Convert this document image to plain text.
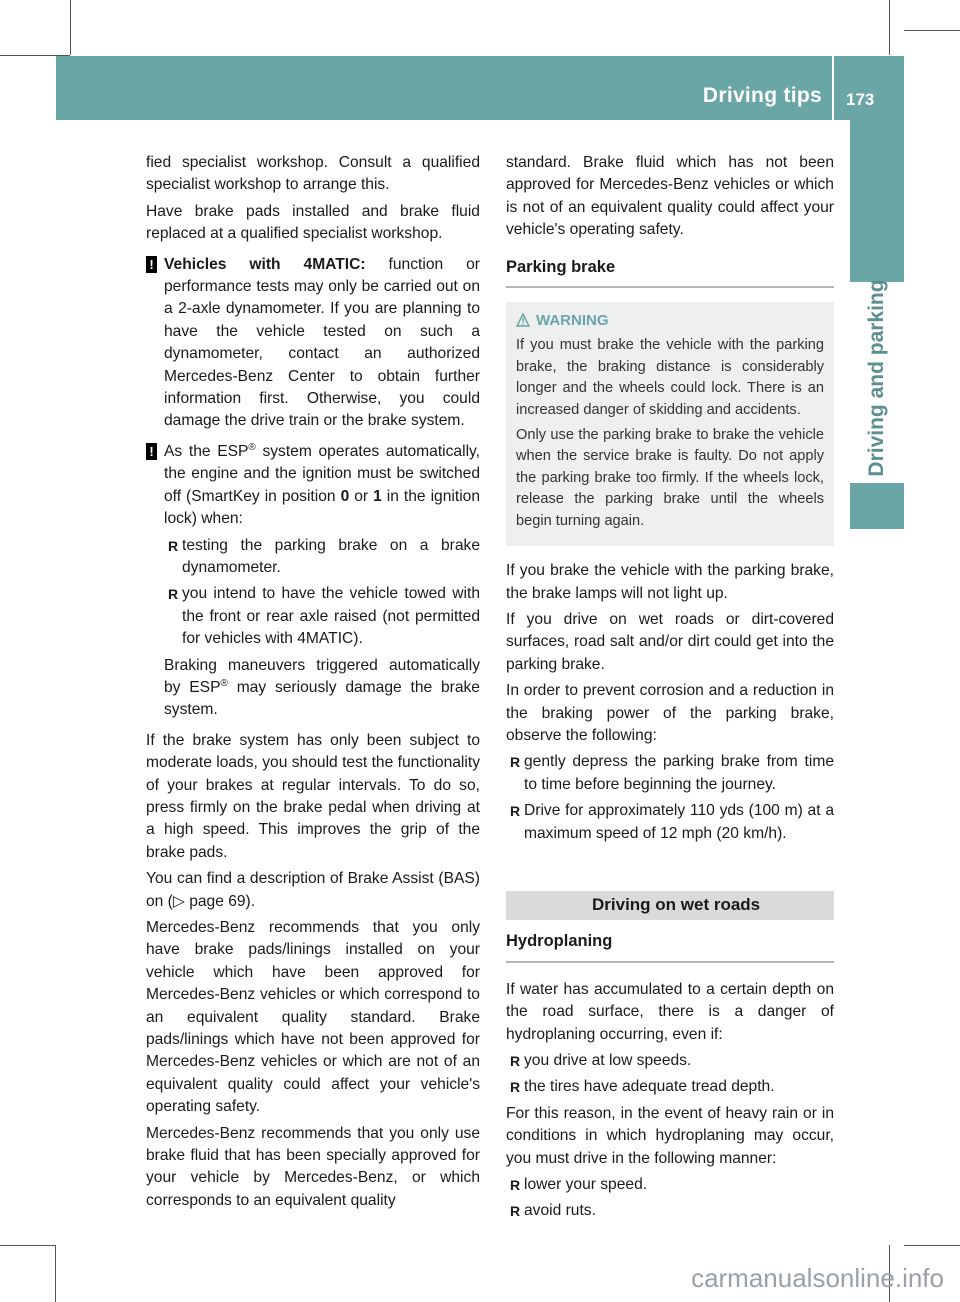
Driving tips 173
Driving and parking

fied specialist workshop. Consult a qualified specialist workshop to arrange this.

Have brake pads installed and brake fluid replaced at a qualified specialist workshop.

! Vehicles with 4MATIC: function or performance tests may only be carried out on a 2-axle dynamometer. If you are planning to have the vehicle tested on such a dynamometer, contact an authorized Mercedes-Benz Center to obtain further information first. Otherwise, you could damage the drive train or the brake system.

! As the ESP® system operates automatically, the engine and the ignition must be switched off (SmartKey in position 0 or 1 in the ignition lock) when:

R testing the parking brake on a brake dynamometer.
R you intend to have the vehicle towed with the front or rear axle raised (not permitted for vehicles with 4MATIC).

Braking maneuvers triggered automatically by ESP® may seriously damage the brake system.

If the brake system has only been subject to moderate loads, you should test the functionality of your brakes at regular intervals. To do so, press firmly on the brake pedal when driving at a high speed. This improves the grip of the brake pads.

You can find a description of Brake Assist (BAS) on (▷ page 69).

Mercedes-Benz recommends that you only have brake pads/linings installed on your vehicle which have been approved for Mercedes-Benz vehicles or which correspond to an equivalent quality standard. Brake pads/linings which have not been approved for Mercedes-Benz vehicles or which are not of an equivalent quality could affect your vehicle's operating safety.

Mercedes-Benz recommends that you only use brake fluid that has been specially approved for your vehicle by Mercedes-Benz, or which corresponds to an equivalent quality

standard. Brake fluid which has not been approved for Mercedes-Benz vehicles or which is not of an equivalent quality could affect your vehicle's operating safety.

Parking brake
WARNING

If you must brake the vehicle with the parking brake, the braking distance is considerably longer and the wheels could lock. There is an increased danger of skidding and accidents.

Only use the parking brake to brake the vehicle when the service brake is faulty. Do not apply the parking brake too firmly. If the wheels lock, release the parking brake until the wheels begin turning again.

If you brake the vehicle with the parking brake, the brake lamps will not light up.

If you drive on wet roads or dirt-covered surfaces, road salt and/or dirt could get into the parking brake.

In order to prevent corrosion and a reduction in the braking power of the parking brake, observe the following:

R gently depress the parking brake from time to time before beginning the journey.
R Drive for approximately 110 yds (100 m) at a maximum speed of 12 mph (20 km/h).
Driving on wet roads
Hydroplaning

If water has accumulated to a certain depth on the road surface, there is a danger of hydroplaning occurring, even if:

R you drive at low speeds.
R the tires have adequate tread depth.

For this reason, in the event of heavy rain or in conditions in which hydroplaning may occur, you must drive in the following manner:

R lower your speed.
R avoid ruts.
carmanualsonline.info
